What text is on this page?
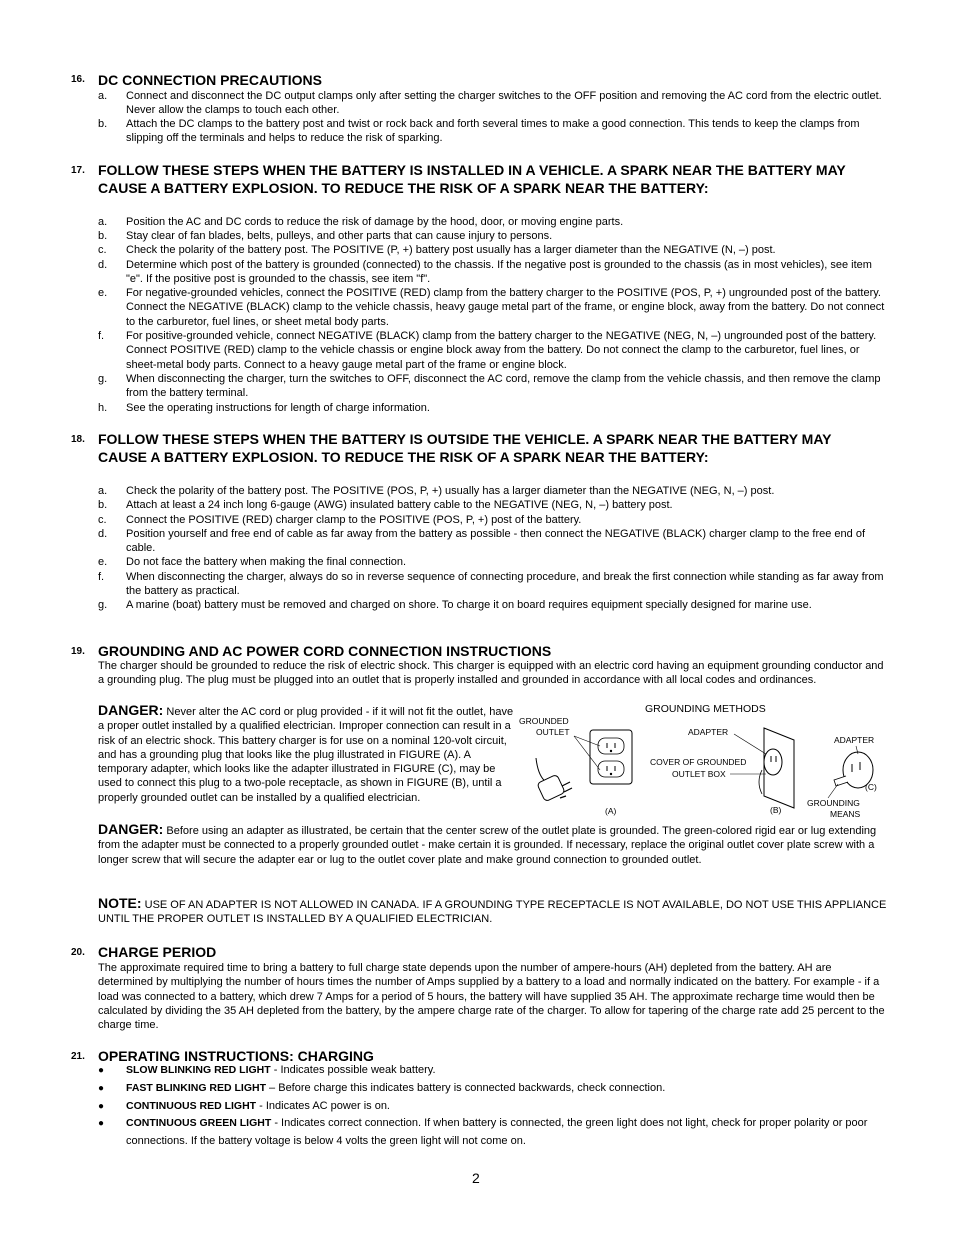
16. DC CONNECTION PRECAUTIONS
a. Connect and disconnect the DC output clamps only after setting the charger switches to the OFF position and removing the AC cord from the electric outlet. Never allow the clamps to touch each other.
b. Attach the DC clamps to the battery post and twist or rock back and forth several times to make a good connection. This tends to keep the clamps from slipping off the terminals and helps to reduce the risk of sparking.
17. FOLLOW THESE STEPS WHEN THE BATTERY IS INSTALLED IN A VEHICLE. A SPARK NEAR THE BATTERY MAY CAUSE A BATTERY EXPLOSION. TO REDUCE THE RISK OF A SPARK NEAR THE BATTERY:
a. Position the AC and DC cords to reduce the risk of damage by the hood, door, or moving engine parts.
b. Stay clear of fan blades, belts, pulleys, and other parts that can cause injury to persons.
c. Check the polarity of the battery post. The POSITIVE (P, +) battery post usually has a larger diameter than the NEGATIVE (N, –) post.
d. Determine which post of the battery is grounded (connected) to the chassis. If the negative post is grounded to the chassis (as in most vehicles), see item "e". If the positive post is grounded to the chassis, see item "f".
e. For negative-grounded vehicles, connect the POSITIVE (RED) clamp from the battery charger to the POSITIVE (POS, P, +) ungrounded post of the battery. Connect the NEGATIVE (BLACK) clamp to the vehicle chassis, heavy gauge metal part of the frame, or engine block, away from the battery. Do not connect to the carburetor, fuel lines, or sheet metal body parts.
f. For positive-grounded vehicle, connect NEGATIVE (BLACK) clamp from the battery charger to the NEGATIVE (NEG, N, –) ungrounded post of the battery. Connect POSITIVE (RED) clamp to the vehicle chassis or engine block away from the battery. Do not connect the clamp to the carburetor, fuel lines, or sheet-metal body parts. Connect to a heavy gauge metal part of the frame or engine block.
g. When disconnecting the charger, turn the switches to OFF, disconnect the AC cord, remove the clamp from the vehicle chassis, and then remove the clamp from the battery terminal.
h. See the operating instructions for length of charge information.
18. FOLLOW THESE STEPS WHEN THE BATTERY IS OUTSIDE THE VEHICLE. A SPARK NEAR THE BATTERY MAY CAUSE A BATTERY EXPLOSION. TO REDUCE THE RISK OF A SPARK NEAR THE BATTERY:
a. Check the polarity of the battery post. The POSITIVE (POS, P, +) usually has a larger diameter than the NEGATIVE (NEG, N, –) post.
b. Attach at least a 24 inch long 6-gauge (AWG) insulated battery cable to the NEGATIVE (NEG, N, –) battery post.
c. Connect the POSITIVE (RED) charger clamp to the POSITIVE (POS, P, +) post of the battery.
d. Position yourself and free end of cable as far away from the battery as possible - then connect the NEGATIVE (BLACK) charger clamp to the free end of cable.
e. Do not face the battery when making the final connection.
f. When disconnecting the charger, always do so in reverse sequence of connecting procedure, and break the first connection while standing as far away from the battery as practical.
g. A marine (boat) battery must be removed and charged on shore. To charge it on board requires equipment specially designed for marine use.
19. GROUNDING AND AC POWER CORD CONNECTION INSTRUCTIONS
The charger should be grounded to reduce the risk of electric shock. This charger is equipped with an electric cord having an equipment grounding conductor and a grounding plug. The plug must be plugged into an outlet that is properly installed and grounded in accordance with all local codes and ordinances.
DANGER: Never alter the AC cord or plug provided - if it will not fit the outlet, have a proper outlet installed by a qualified electrician. Improper connection can result in a risk of an electric shock. This battery charger is for use on a nominal 120-volt circuit, and has a grounding plug that looks like the plug illustrated in FIGURE (A). A temporary adapter, which looks like the adapter illustrated in FIGURE (C), may be used to connect this plug to a two-pole receptacle, as shown in FIGURE (B), until a properly grounded outlet can be installed by a qualified electrician.
GROUNDING METHODS
GROUNDED
OUTLET	ADAPTER
ADAPTER
COVER OF GROUNDED
OUTLET BOX
(C)
GROUNDING
MEANS
(A)	(B)
DANGER: Before using an adapter as illustrated, be certain that the center screw of the outlet plate is grounded. The green-colored rigid ear or lug extending from the adapter must be connected to a properly grounded outlet - make certain it is grounded. If necessary, replace the original outlet cover plate screw with a longer screw that will secure the adapter ear or lug to the outlet cover plate and make ground connection to grounded outlet.
NOTE: USE OF AN ADAPTER IS NOT ALLOWED IN CANADA. IF A GROUNDING TYPE RECEPTACLE IS NOT AVAILABLE, DO NOT USE THIS APPLIANCE UNTIL THE PROPER OUTLET IS INSTALLED BY A QUALIFIED ELECTRICIAN.
20. CHARGE PERIOD
The approximate required time to bring a battery to full charge state depends upon the number of ampere-hours (AH) depleted from the battery. AH are determined by multiplying the number of hours times the number of Amps supplied by a battery to a load and normally indicated on the battery. For example - if a load was connected to a battery, which drew 7 Amps for a period of 5 hours, the battery will have supplied 35 AH. The approximate recharge time would then be calculated by dividing the 35 AH depleted from the battery, by the ampere charge rate of the charger. To allow for tapering of the charge rate add 25 percent to the charge time.
21. OPERATING INSTRUCTIONS: CHARGING
● SLOW BLINKING RED LIGHT - Indicates possible weak battery.
● FAST BLINKING RED LIGHT – Before charge this indicates battery is connected backwards, check connection.
● CONTINUOUS RED LIGHT - Indicates AC power is on.
● CONTINUOUS GREEN LIGHT - Indicates correct connection. If when battery is connected, the green light does not light, check for proper polarity or poor connections. If the battery voltage is below 4 volts the green light will not come on.
2
